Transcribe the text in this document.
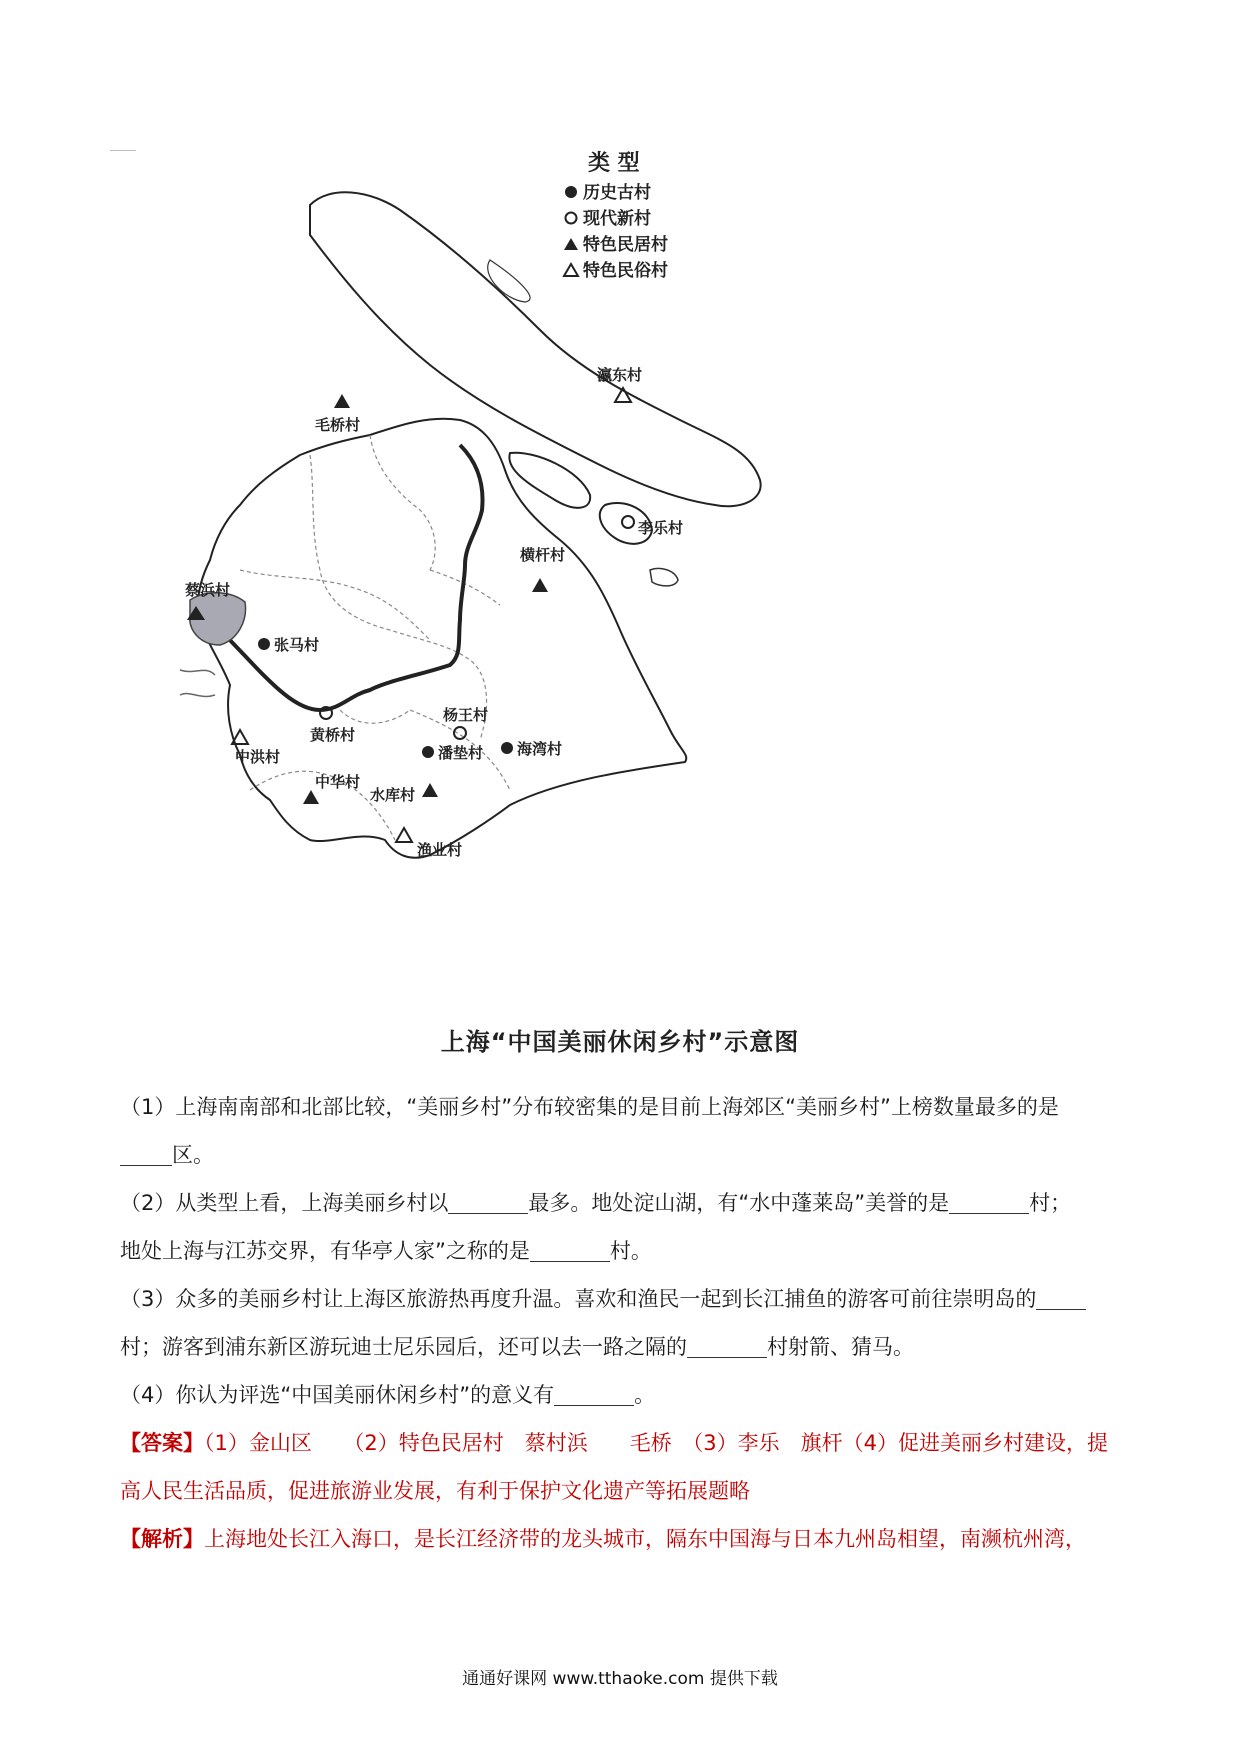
类 型
历史古村
现代新村
特色民居村
特色民俗村
瀛东村
毛桥村
李乐村
横杆村
蔡浜村
张马村
黄桥村
杨王村
中洪村	潘垫村 海湾村
中华村
水库村
渔业村
上海“中国美丽休闲乡村”示意图

（1）上海南南部和北部比较，“美丽乡村”分布较密集的是目前上海郊区“美丽乡村”上榜数量最多的是
区。

（2）从类型上看，上海美丽乡村以	最多。地处淀山湖，有“水中蓬莱岛”美誉的是	村；
地处上海与江苏交界，有华亭人家”之称的是	村。

（3）众多的美丽乡村让上海区旅游热再度升温。喜欢和渔民一起到长江捕鱼的游客可前往崇明岛的
村；游客到浦东新区游玩迪士尼乐园后，还可以去一路之隔的	村射箭、猜马。

（4）你认为评选“中国美丽休闲乡村”的意义有	。

【答案】（1）金山区　　（2）特色民居村　蔡村浜　　毛桥　（3）李乐　旗杆（4）促进美丽乡村建设，提
高人民生活品质，促进旅游业发展，有利于保护文化遗产等拓展题略

【解析】上海地处长江入海口，是长江经济带的龙头城市，隔东中国海与日本九州岛相望，南濒杭州湾，

通通好课网 www.tthaoke.com 提供下载
